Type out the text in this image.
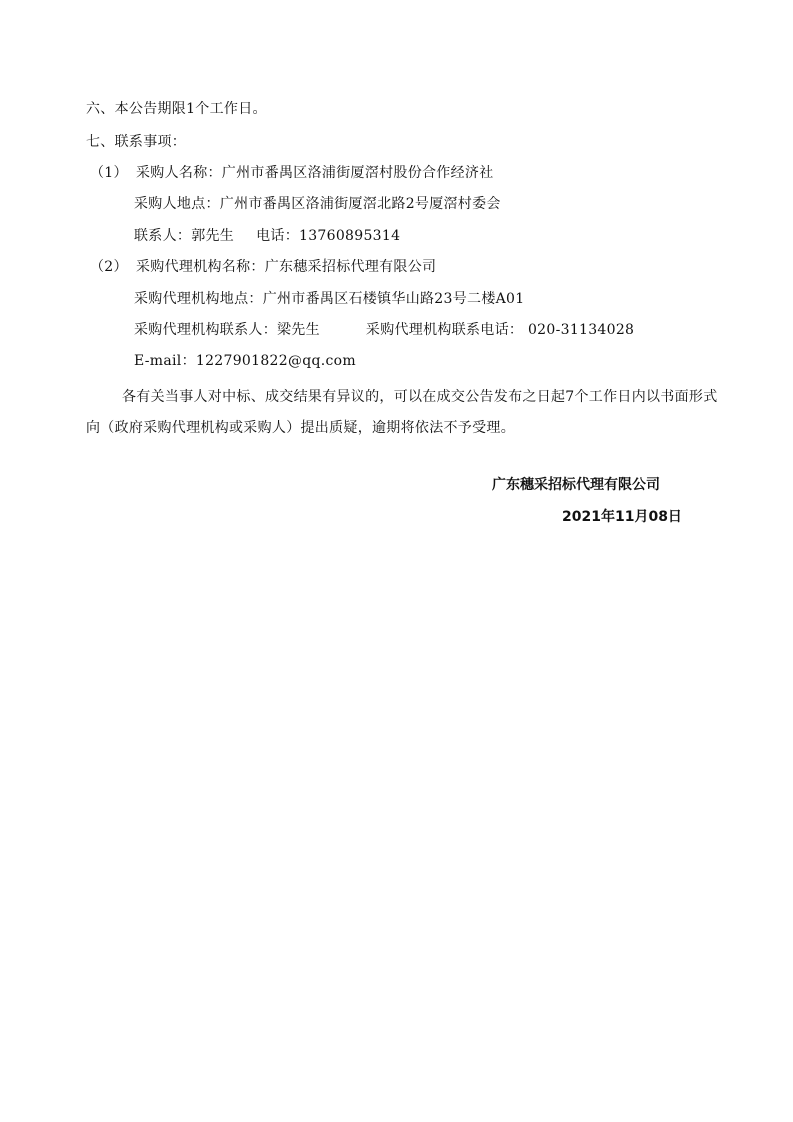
六、本公告期限1个工作日。
七、联系事项：
（1） 采购人名称：广州市番禺区洛浦街厦滘村股份合作经济社
采购人地点：广州市番禺区洛浦街厦滘北路2号厦滘村委会
联系人：郭先生 电话：13760895314
（2） 采购代理机构名称：广东穗采招标代理有限公司
采购代理机构地点：广州市番禺区石楼镇华山路23号二楼A01
采购代理机构联系人：梁先生	采购代理机构联系电话： 020-31134028
E-mail：1227901822@qq.com
各有关当事人对中标、成交结果有异议的，可以在成交公告发布之日起7个工作日内以书面形式向（政府采购代理机构或采购人）提出质疑，逾期将依法不予受理。
广东穗采招标代理有限公司
2021年11月08日
